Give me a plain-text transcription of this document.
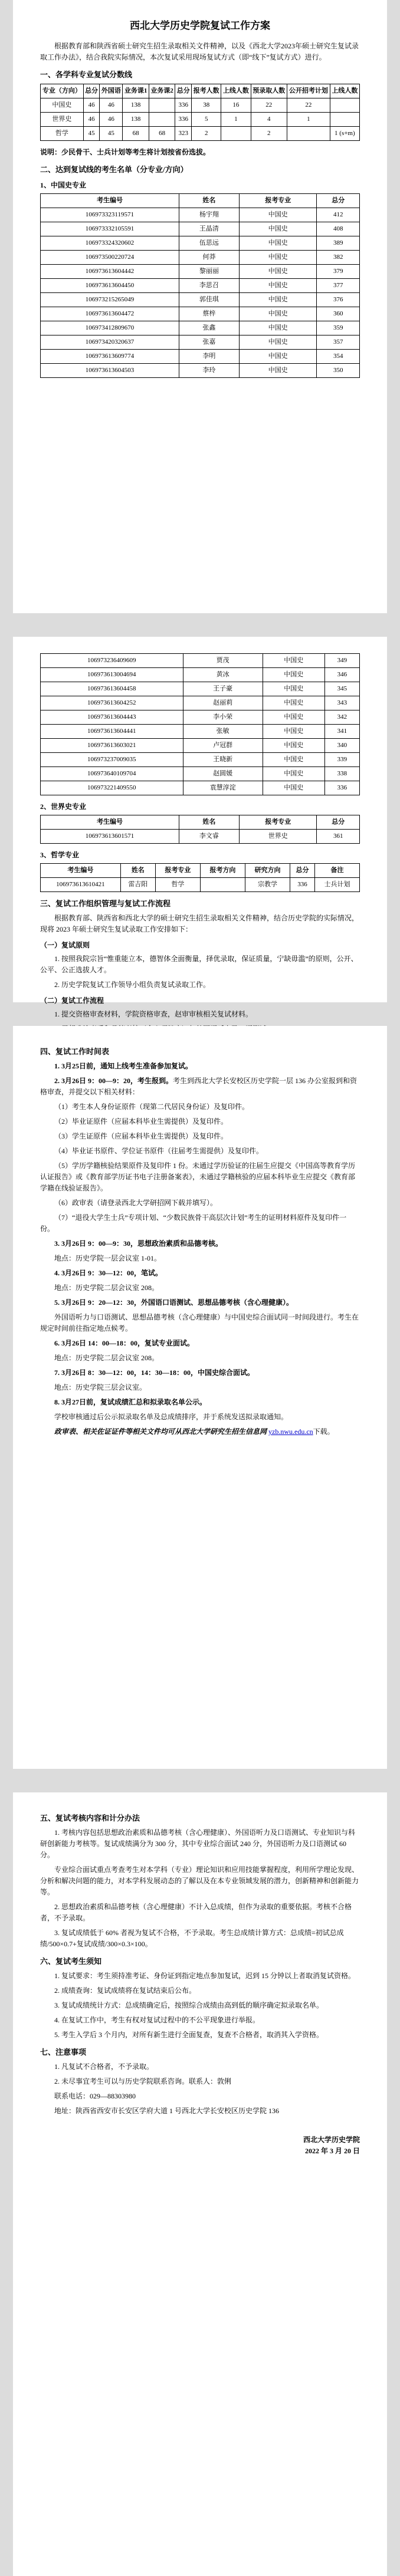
西北大学历史学院复试工作方案

根据教育部和陕西省硕士研究生招生录取相关文件精神，以及《西北大学2023年硕士研究生复试录取工作办法》，结合我院实际情况，本次复试采用现场复试方式（即“线下”复试方式）进行。

一、各学科专业复试分数线
专业（方向）	总分	外国语	业务课1	业务课2	总分	报考人数	上线人数	预录取人数	公开招考计划	上线人数
中国史	46	46	138		336	38	16	22	22	
世界史	46	46	138		336	5	1	4	1	
哲学	45	45	68	68	323	2		2		1 (s+m)

说明：少民骨干、士兵计划等考生将计划按省份选拔。

二、达到复试线的考生名单（分专业/方向）
1、中国史专业
考生编号	姓名	报考专业	总分
106973323119571	杨宇翔	中国史	412
106973332105591	王晶清	中国史	408
106973324320602	伍思远	中国史	389
106973500220724	何莽	中国史	382
106973613604442	黎丽丽	中国史	379
106973613604450	李思召	中国史	377
106973215265049	郭佳琪	中国史	376
106973613604472	蔡梓	中国史	360
106973412809670	张鑫	中国史	359
106973420320637	张嘉	中国史	357
106973613609774	李明	中国史	354
106973613604503	李玲	中国史	350
106973236409609	贾茂	中国史	349
106973613004694	黄冰	中国史	346
106973613604458	王子豪	中国史	345
106973613604252	赵丽莉	中国史	343
106973613604443	李小荣	中国史	342
106973613604441	张敏	中国史	341
106973613603021	卢冠群	中国史	340
106973237009035	王晓新	中国史	339
106973640109704	赵圆媛	中国史	338
106973221409550	袁慧淳淀	中国史	336
2、世界史专业
考生编号	姓名	报考专业	总分
106973613601571	李文睿	世界史	361
3、哲学专业
考生编号	姓名	报考专业	报考方向	研究方向	总分	备注
106973613610421	雷吉阳	哲学		宗教学	336	士兵计划
三、复试工作组织管理与复试工作流程

根据教育部、陕西省和西北大学的硕士研究生招生录取相关文件精神，结合历史学院的实际情况，现将 2023 年硕士研究生复试录取工作安排如下：

（一）复试原则

1. 按照我院宗旨“惟重能立本，德智体全面衡量，择优录取，保证质量，宁缺毋滥”的原则，公开、公平、公正选拔人才。

2. 历史学院复试工作领导小组负责复试录取工作。

（二）复试工作流程

1. 提交资格审查材料，学院资格审查，赵审审核相关复试材料。

四、复试工作时间表

1. 3月25日前，通知上线考生准备参加复试。

2. 3月26日 9：00—9：20，考生报到。考生到西北大学长安校区历史学院一层 136 办公室报到和资格审查，并提交以下相关材料：

（1）考生本人身份证原件（现第二代居民身份证）及复印件。

（2）毕业证原件（应届本科毕业生需提供）及复印件。

（3）学生证原件（应届本科毕业生需提供）及复印件。

（4）毕业证书原件、学位证书原件（往届考生需提供）及复印件。

（5）学历学籍核验结果原件及复印件 1 份。未通过学历验证的往届生应提交《中国高等教育学历认证报告》或《教育部学历证书电子注册备案表》，未通过学籍核验的应届本科毕业生应提交《教育部学籍在线验证报告》。

（6）政审表（请登录西北大学研招网下载并填写）。

（7）“退役大学生士兵”专项计划、“少数民族骨干高层次计划”考生的证明材料原件及复印件一份。

3. 3月26日 9：00—9：30，思想政治素质和品德考核。

地点：历史学院一层会议室 1-01。

4. 3月26日 9：30—12：00，笔试。

地点：历史学院二层会议室 208。

5. 3月26日 9：20—12：30，外国语口语测试、思想品德考核（含心理健康）。

外国语听力与口语测试、思想品德考核（含心理健康）与中国史综合面试同一时间段进行。考生在规定时间前往指定地点候考。

6. 3月26日 14：00—18：00，复试专业面试。

地点：历史学院二层会议室 208。

7. 3月26日 8：30—12：00，14：30—18：00，中国史综合面试。

地点：历史学院三层会议室。

8. 3月27日前，复试成绩汇总和拟录取名单公示。

学校审核通过后公示拟录取名单及总成绩排序，并于系统发送拟录取通知。

政审表、相关佐证证件等相关文件均可从西北大学研究生招生信息网 yzb.nwu.edu.cn下载。

五、复试考核内容和计分办法

1. 考核内容包括思想政治素质和品德考核（含心理健康）、外国语听力及口语测试、专业知识与科研创新能力考核等。复试成绩满分为 300 分，其中专业综合面试 240 分，外国语听力及口语测试 60 分。

专业综合面试重点考查考生对本学科（专业）理论知识和应用技能掌握程度，利用所学理论发现、分析和解决问题的能力，对本学科发展动态的了解以及在本专业领域发展的潜力，创新精神和创新能力等。

2. 思想政治素质和品德考核（含心理健康）不计入总成绩，但作为录取的重要依据。考核不合格者，不予录取。

3. 复试成绩低于 60% 者视为复试不合格，不予录取。考生总成绩计算方式：总成绩=初试总成绩/500×0.7+复试成绩/300×0.3×100。

六、复试考生须知

1. 复试要求：考生须持准考证、身份证到指定地点参加复试，迟到 15 分钟以上者取消复试资格。

2. 成绩查询：复试成绩将在复试结束后公布。

3. 复试成绩统计方式：总成绩确定后，按照综合成绩由高到低的顺序确定拟录取名单。

4. 在复试工作中，考生有权对复试过程中的不公平现象进行举报。

5. 考生入学后 3 个月内，对所有新生进行全面复查，复查不合格者，取消其入学资格。

七、注意事项

1. 凡复试不合格者，不予录取。

2. 未尽事宜考生可以与历史学院联系咨询。联系人：敦俐

联系电话：029—88303980

地址：陕西省西安市长安区学府大道 1 号西北大学长安校区历史学院 136

西北大学历史学院
2022 年 3 月 20 日
